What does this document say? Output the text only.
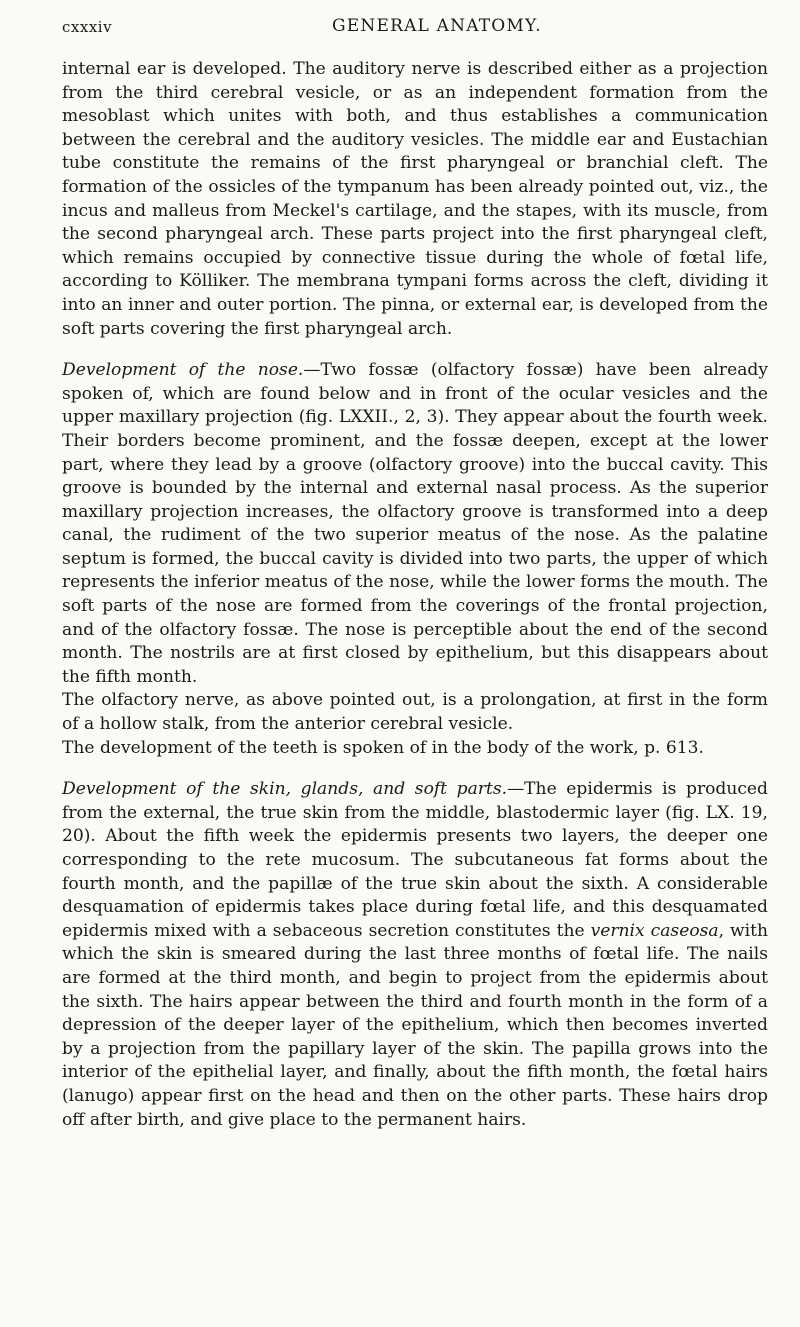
cxxxiv	GENERAL ANATOMY.

internal ear is developed. The auditory nerve is described either as a projection from the third cerebral vesicle, or as an independent formation from the mesoblast which unites with both, and thus establishes a communication between the cerebral and the auditory vesicles. The middle ear and Eustachian tube constitute the remains of the first pharyngeal or branchial cleft. The formation of the ossicles of the tympanum has been already pointed out, viz., the incus and malleus from Meckel's cartilage, and the stapes, with its muscle, from the second pharyngeal arch. These parts project into the first pharyngeal cleft, which remains occupied by connective tissue during the whole of fœtal life, according to Kölliker. The membrana tympani forms across the cleft, dividing it into an inner and outer portion. The pinna, or external ear, is developed from the soft parts covering the first pharyngeal arch.

Development of the nose.—Two fossæ (olfactory fossæ) have been already spoken of, which are found below and in front of the ocular vesicles and the upper maxillary projection (fig. LXXII., 2, 3). They appear about the fourth week. Their borders become prominent, and the fossæ deepen, except at the lower part, where they lead by a groove (olfactory groove) into the buccal cavity. This groove is bounded by the internal and external nasal process. As the superior maxillary projection increases, the olfactory groove is transformed into a deep canal, the rudiment of the two superior meatus of the nose. As the palatine septum is formed, the buccal cavity is divided into two parts, the upper of which represents the inferior meatus of the nose, while the lower forms the mouth. The soft parts of the nose are formed from the coverings of the frontal projection, and of the olfactory fossæ. The nose is perceptible about the end of the second month. The nostrils are at first closed by epithelium, but this disappears about the fifth month.

The olfactory nerve, as above pointed out, is a prolongation, at first in the form of a hollow stalk, from the anterior cerebral vesicle.

The development of the teeth is spoken of in the body of the work, p. 613.

Development of the skin, glands, and soft parts.—The epidermis is produced from the external, the true skin from the middle, blastodermic layer (fig. LX. 19, 20). About the fifth week the epidermis presents two layers, the deeper one corresponding to the rete mucosum. The subcutaneous fat forms about the fourth month, and the papillæ of the true skin about the sixth. A considerable desquamation of epidermis takes place during fœtal life, and this desquamated epidermis mixed with a sebaceous secretion constitutes the vernix caseosa, with which the skin is smeared during the last three months of fœtal life. The nails are formed at the third month, and begin to project from the epidermis about the sixth. The hairs appear between the third and fourth month in the form of a depression of the deeper layer of the epithelium, which then becomes inverted by a projection from the papillary layer of the skin. The papilla grows into the interior of the epithelial layer, and finally, about the fifth month, the fœtal hairs (lanugo) appear first on the head and then on the other parts. These hairs drop off after birth, and give place to the permanent hairs.
